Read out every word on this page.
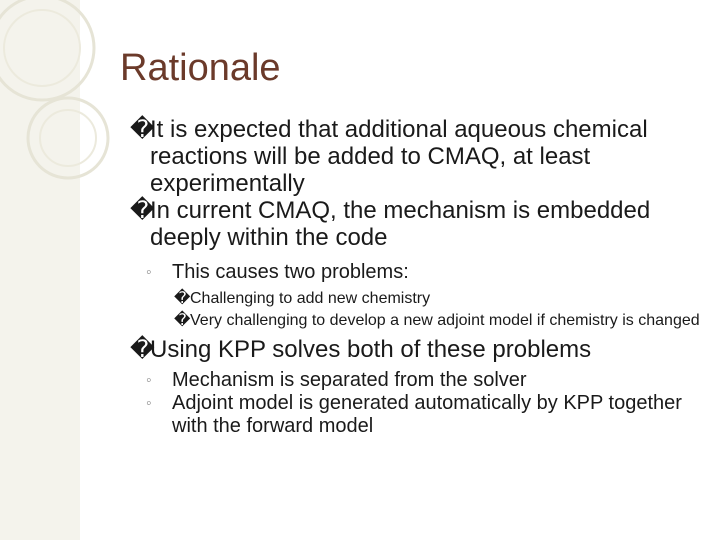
Rationale
�
It is expected that additional aqueous chemical reactions will be added to CMAQ, at least experimentally
�
In current CMAQ, the mechanism is embedded deeply within the code
◦ This causes two problems:
� Challenging to add new chemistry
� Very challenging to develop a new adjoint model if chemistry is changed
�
Using KPP solves both of these problems
◦ Mechanism is separated from the solver
◦ Adjoint model is generated automatically by KPP together with the forward model
